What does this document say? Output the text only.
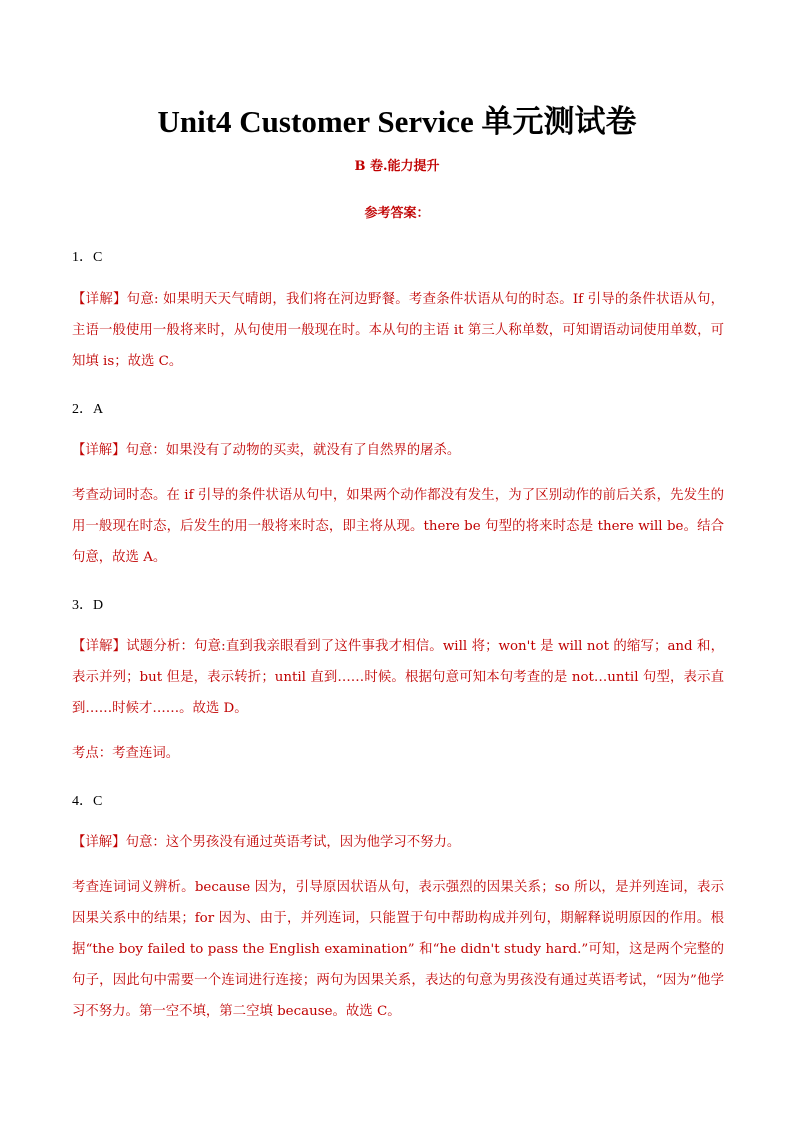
Unit4 Customer Service 单元测试卷
B 卷.能力提升
参考答案：
1．C
【详解】句意: 如果明天天气晴朗，我们将在河边野餐。考查条件状语从句的时态。If 引导的条件状语从句，主语一般使用一般将来时，从句使用一般现在时。本从句的主语 it 第三人称单数，可知谓语动词使用单数，可知填 is；故选 C。
2．A
【详解】句意：如果没有了动物的买卖，就没有了自然界的屠杀。
考查动词时态。在 if 引导的条件状语从句中，如果两个动作都没有发生，为了区别动作的前后关系，先发生的用一般现在时态，后发生的用一般将来时态，即主将从现。there be 句型的将来时态是 there will be。结合句意，故选 A。
3．D
【详解】试题分析：句意:直到我亲眼看到了这件事我才相信。will 将；won't 是 will not 的缩写；and 和，表示并列；but 但是，表示转折；until 直到……时候。根据句意可知本句考查的是 not…until 句型，表示直到……时候才……。故选 D。
考点：考查连词。
4．C
【详解】句意：这个男孩没有通过英语考试，因为他学习不努力。
考查连词词义辨析。because 因为，引导原因状语从句，表示强烈的因果关系；so 所以，是并列连词，表示因果关系中的结果；for 因为、由于，并列连词，只能置于句中帮助构成并列句，期解释说明原因的作用。根据“the boy failed to pass the English examination” 和“he didn't study hard.”可知，这是两个完整的句子，因此句中需要一个连词进行连接；两句为因果关系，表达的句意为男孩没有通过英语考试，“因为”他学习不努力。第一空不填，第二空填 because。故选 C。
